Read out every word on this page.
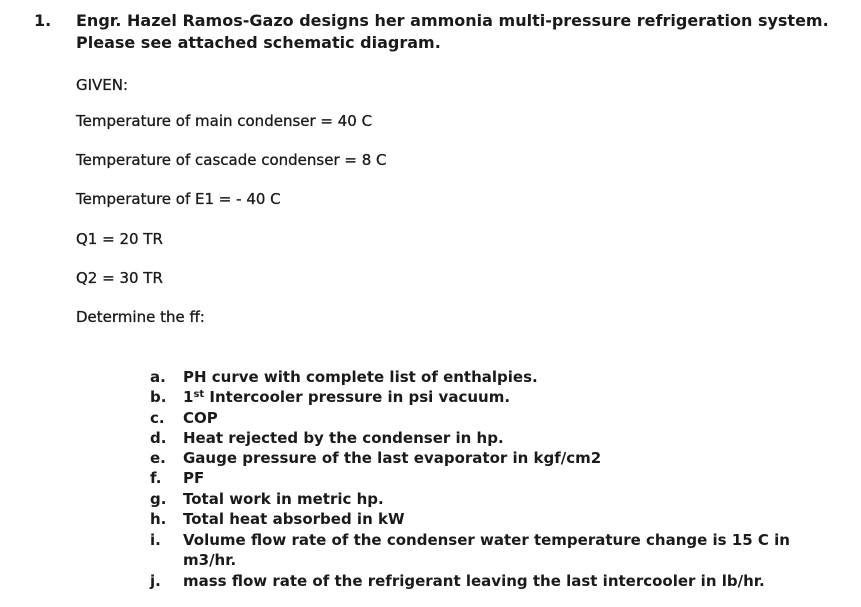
1. Engr. Hazel Ramos-Gazo designs her ammonia multi-pressure refrigeration system.
Please see attached schematic diagram.
GIVEN:
Temperature of main condenser = 40 C
Temperature of cascade condenser = 8 C
Temperature of E1 = - 40 C
Q1 = 20 TR
Q2 = 30 TR
Determine the ff:
a. PH curve with complete list of enthalpies.
b. 1st Intercooler pressure in psi vacuum.
c. COP
d. Heat rejected by the condenser in hp.
e. Gauge pressure of the last evaporator in kgf/cm2
f. PF
g. Total work in metric hp.
h. Total heat absorbed in kW
i. Volume flow rate of the condenser water temperature change is 15 C in
m3/hr.
j. mass flow rate of the refrigerant leaving the last intercooler in lb/hr.
